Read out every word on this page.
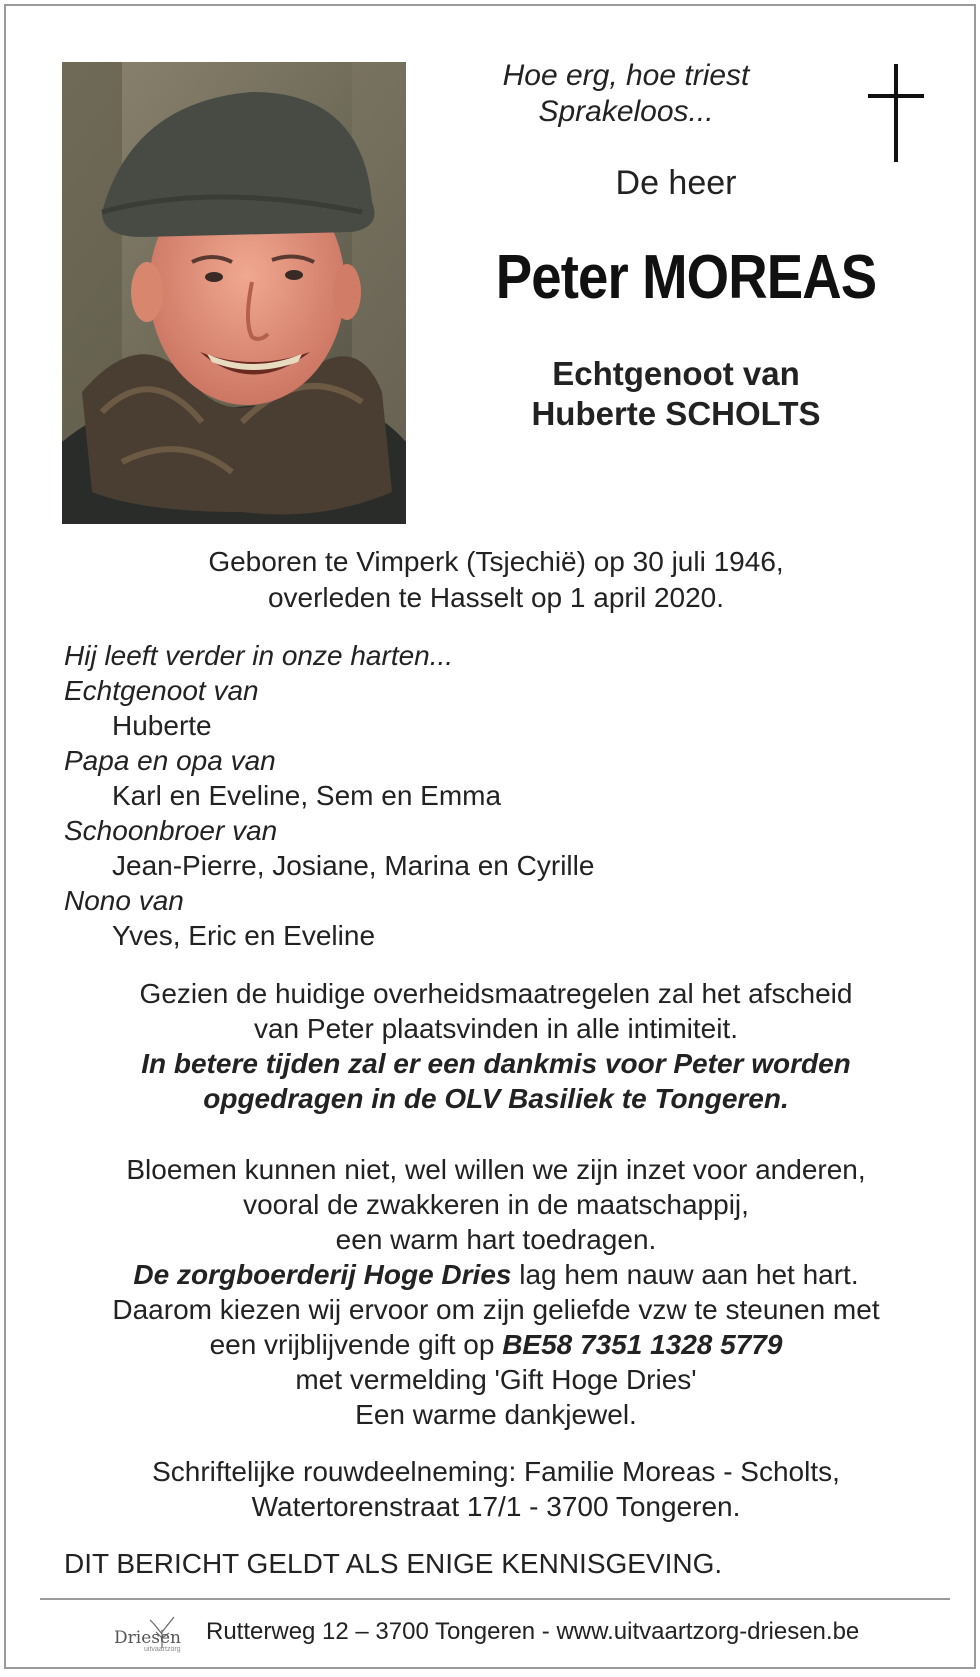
Hoe erg, hoe triest
Sprakeloos...
De heer
Peter MOREAS
Echtgenoot van
Huberte SCHOLTS
Geboren te Vimperk (Tsjechië) op 30 juli 1946,
overleden te Hasselt op 1 april 2020.
Hij leeft verder in onze harten...
Echtgenoot van
Huberte
Papa en opa van
Karl en Eveline, Sem en Emma
Schoonbroer van
Jean-Pierre, Josiane, Marina en Cyrille
Nono van
Yves, Eric en Eveline
Gezien de huidige overheidsmaatregelen zal het afscheid
van Peter plaatsvinden in alle intimiteit.
In betere tijden zal er een dankmis voor Peter worden
opgedragen in de OLV Basiliek te Tongeren.
Bloemen kunnen niet, wel willen we zijn inzet voor anderen,
vooral de zwakkeren in de maatschappij,
een warm hart toedragen.
De zorgboerderij Hoge Dries lag hem nauw aan het hart.
Daarom kiezen wij ervoor om zijn geliefde vzw te steunen met
een vrijblijvende gift op BE58 7351 1328 5779
met vermelding 'Gift Hoge Dries'
Een warme dankjewel.
Schriftelijke rouwdeelneming: Familie Moreas - Scholts,
Watertorenstraat 17/1 - 3700 Tongeren.
DIT BERICHT GELDT ALS ENIGE KENNISGEVING.
Driesen
uitvaartzorg
Rutterweg 12 – 3700 Tongeren - www.uitvaartzorg-driesen.be
